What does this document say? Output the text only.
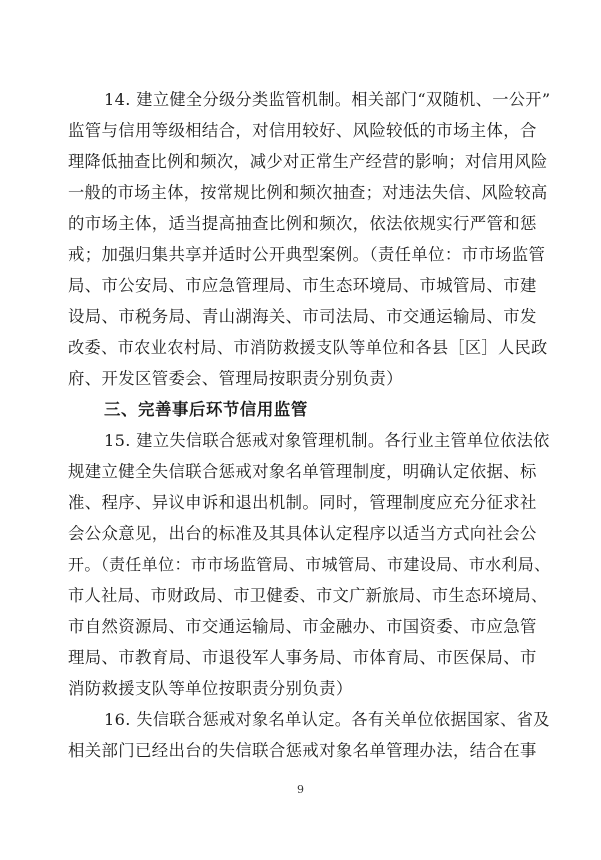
14. 建立健全分级分类监管机制。相关部门“双随机、一公开”
监管与信用等级相结合，对信用较好、风险较低的市场主体，合
理降低抽查比例和频次，减少对正常生产经营的影响；对信用风险
一般的市场主体，按常规比例和频次抽查；对违法失信、风险较高
的市场主体，适当提高抽查比例和频次，依法依规实行严管和惩
戒；加强归集共享并适时公开典型案例。（责任单位：市市场监管
局、市公安局、市应急管理局、市生态环境局、市城管局、市建
设局、市税务局、青山湖海关、市司法局、市交通运输局、市发
改委、市农业农村局、市消防救援支队等单位和各县［区］人民政
府、开发区管委会、管理局按职责分别负责）
三、完善事后环节信用监管
15. 建立失信联合惩戒对象管理机制。各行业主管单位依法依
规建立健全失信联合惩戒对象名单管理制度，明确认定依据、标
准、程序、异议申诉和退出机制。同时，管理制度应充分征求社
会公众意见，出台的标准及其具体认定程序以适当方式向社会公
开。（责任单位：市市场监管局、市城管局、市建设局、市水利局、
市人社局、市财政局、市卫健委、市文广新旅局、市生态环境局、
市自然资源局、市交通运输局、市金融办、市国资委、市应急管
理局、市教育局、市退役军人事务局、市体育局、市医保局、市
消防救援支队等单位按职责分别负责）
16. 失信联合惩戒对象名单认定。各有关单位依据国家、省及
相关部门已经出台的失信联合惩戒对象名单管理办法，结合在事
9
